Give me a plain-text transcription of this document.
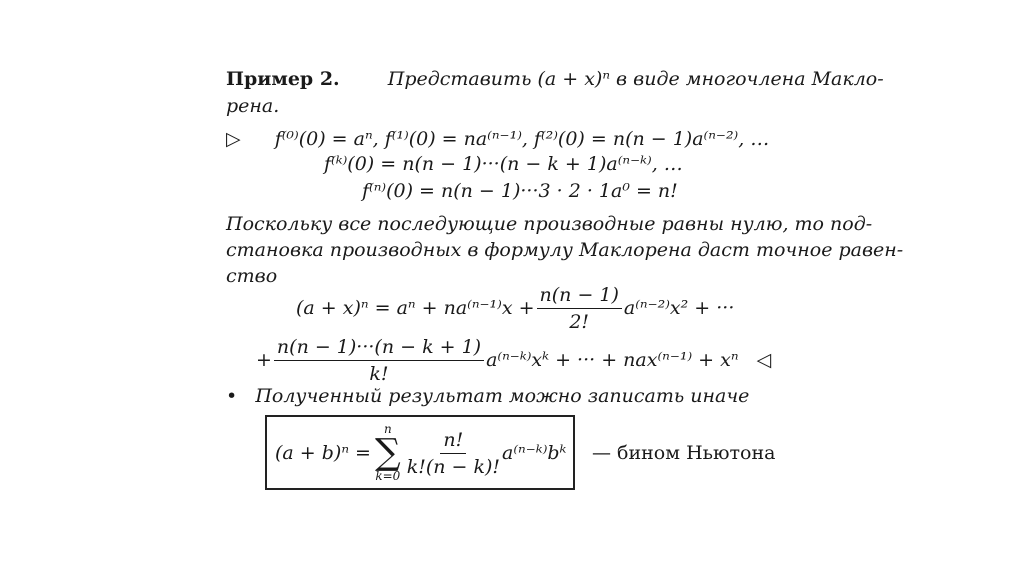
Пример 2.	Представить (a + x)ⁿ в виде многочлена Макло-
рена.
▷ f⁽⁰⁾(0) = aⁿ, f⁽¹⁾(0) = na⁽ⁿ⁻¹⁾, f⁽²⁾(0) = n(n − 1)a⁽ⁿ⁻²⁾, …
f⁽ᵏ⁾(0) = n(n − 1)···(n − k + 1)a⁽ⁿ⁻ᵏ⁾, …
f⁽ⁿ⁾(0) = n(n − 1)···3 · 2 · 1a⁰ = n!
Поскольку все последующие производные равны нулю, то под-
становка производных в формулу Маклорена даст точное равен-
ство
$(a + x)^n = a^n + na^{(n-1)}x + \frac{n(n - 1)}{2!} a^{(n-2)}x^2$ + ···
+ $\frac{n(n - 1)\cdot\cdot\cdot(n - k + 1)}{k!}$ a⁽ⁿ⁻ᵏ⁾xᵏ + ··· + nax⁽ⁿ⁻¹⁾ + xⁿ ◁
• Полученный результат можно записать иначе
(a + b)ⁿ =
n
∑
$k=0 \frac{n!}{k!(n - k)!}$ a⁽ⁿ⁻ᵏ⁾bᵏ — бином Ньютона
